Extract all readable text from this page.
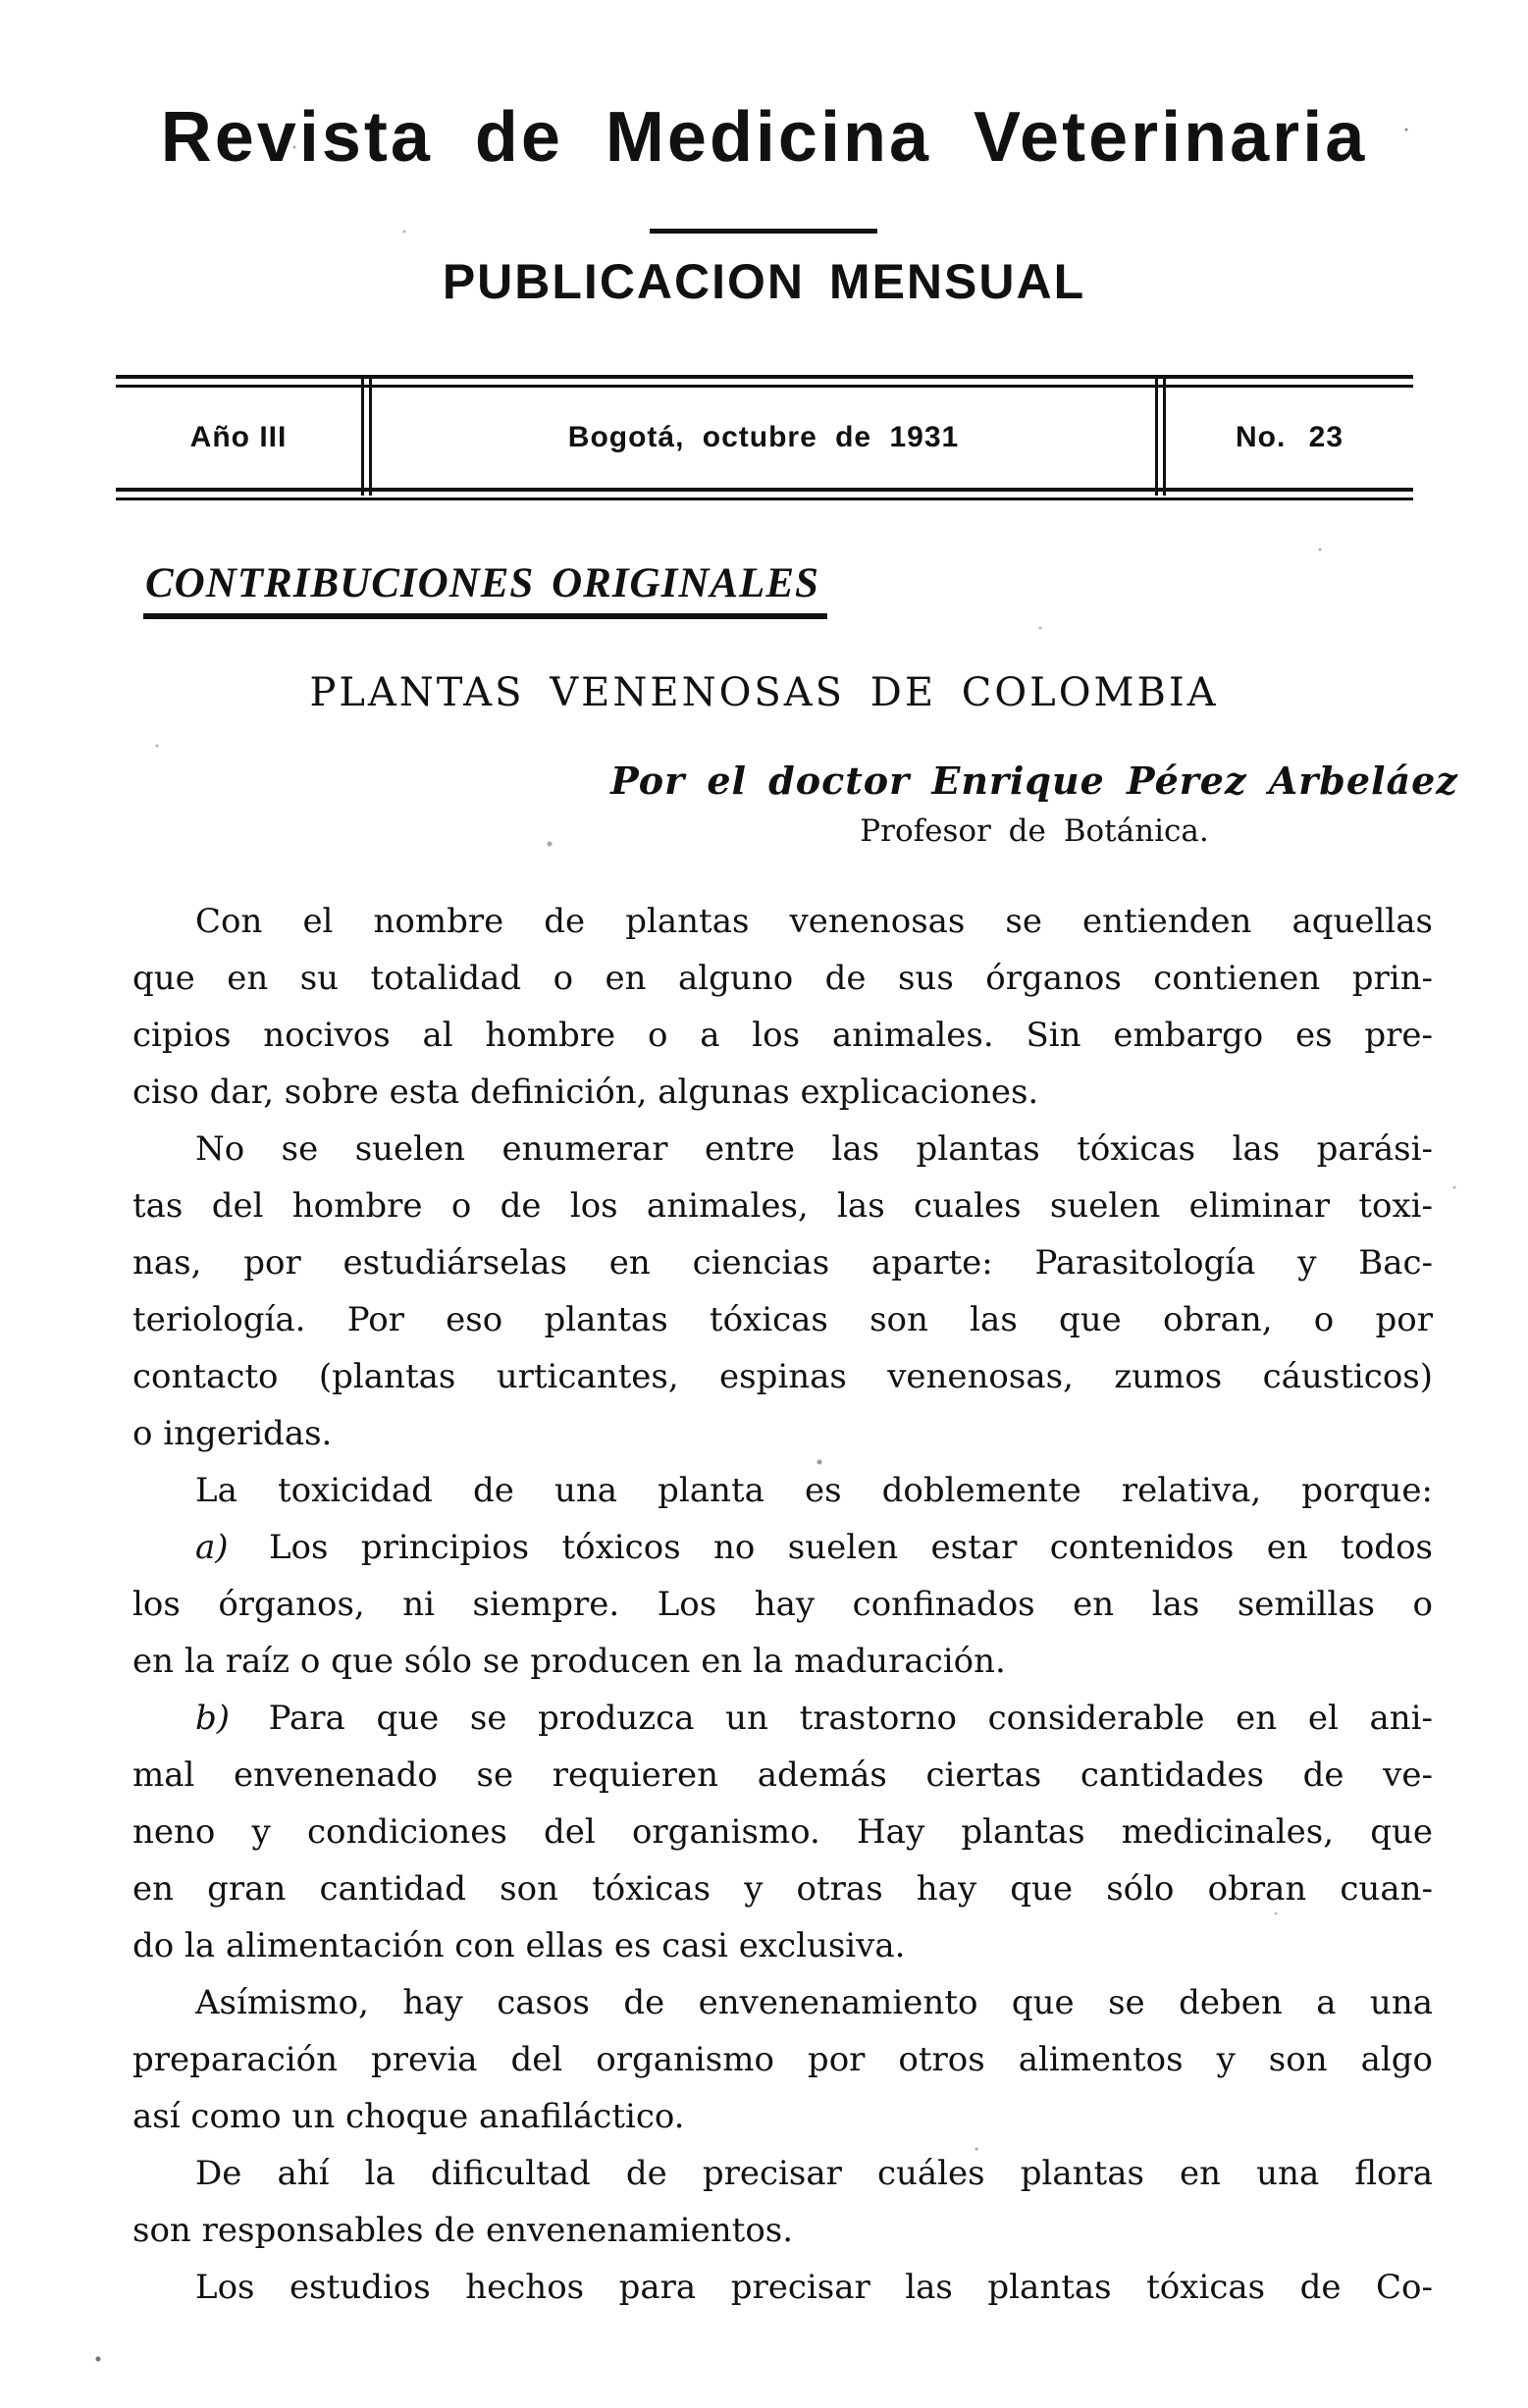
Revista de Medicina Veterinaria
PUBLICACION MENSUAL
Año III	Bogotá, octubre de 1931	No. 23
CONTRIBUCIONES ORIGINALES
PLANTAS VENENOSAS DE COLOMBIA
Por el doctor Enrique Pérez Arbeláez
Profesor de Botánica.
Con el nombre de plantas venenosas se entienden aquellas
que en su totalidad o en alguno de sus órganos contienen prin-
cipios nocivos al hombre o a los animales. Sin embargo es pre-
ciso dar, sobre esta definición, algunas explicaciones.
No se suelen enumerar entre las plantas tóxicas las parási-
tas del hombre o de los animales, las cuales suelen eliminar toxi-
nas, por estudiárselas en ciencias aparte: Parasitología y Bac-
teriología. Por eso plantas tóxicas son las que obran, o por
contacto (plantas urticantes, espinas venenosas, zumos cáusticos)
o ingeridas.
La toxicidad de una planta es doblemente relativa, porque:
a) Los principios tóxicos no suelen estar contenidos en todos
los órganos, ni siempre. Los hay confinados en las semillas o
en la raíz o que sólo se producen en la maduración.
b) Para que se produzca un trastorno considerable en el ani-
mal envenenado se requieren además ciertas cantidades de ve-
neno y condiciones del organismo. Hay plantas medicinales, que
en gran cantidad son tóxicas y otras hay que sólo obran cuan-
do la alimentación con ellas es casi exclusiva.
Asímismo, hay casos de envenenamiento que se deben a una
preparación previa del organismo por otros alimentos y son algo
así como un choque anafiláctico.
De ahí la dificultad de precisar cuáles plantas en una flora
son responsables de envenenamientos.
Los estudios hechos para precisar las plantas tóxicas de Co-
